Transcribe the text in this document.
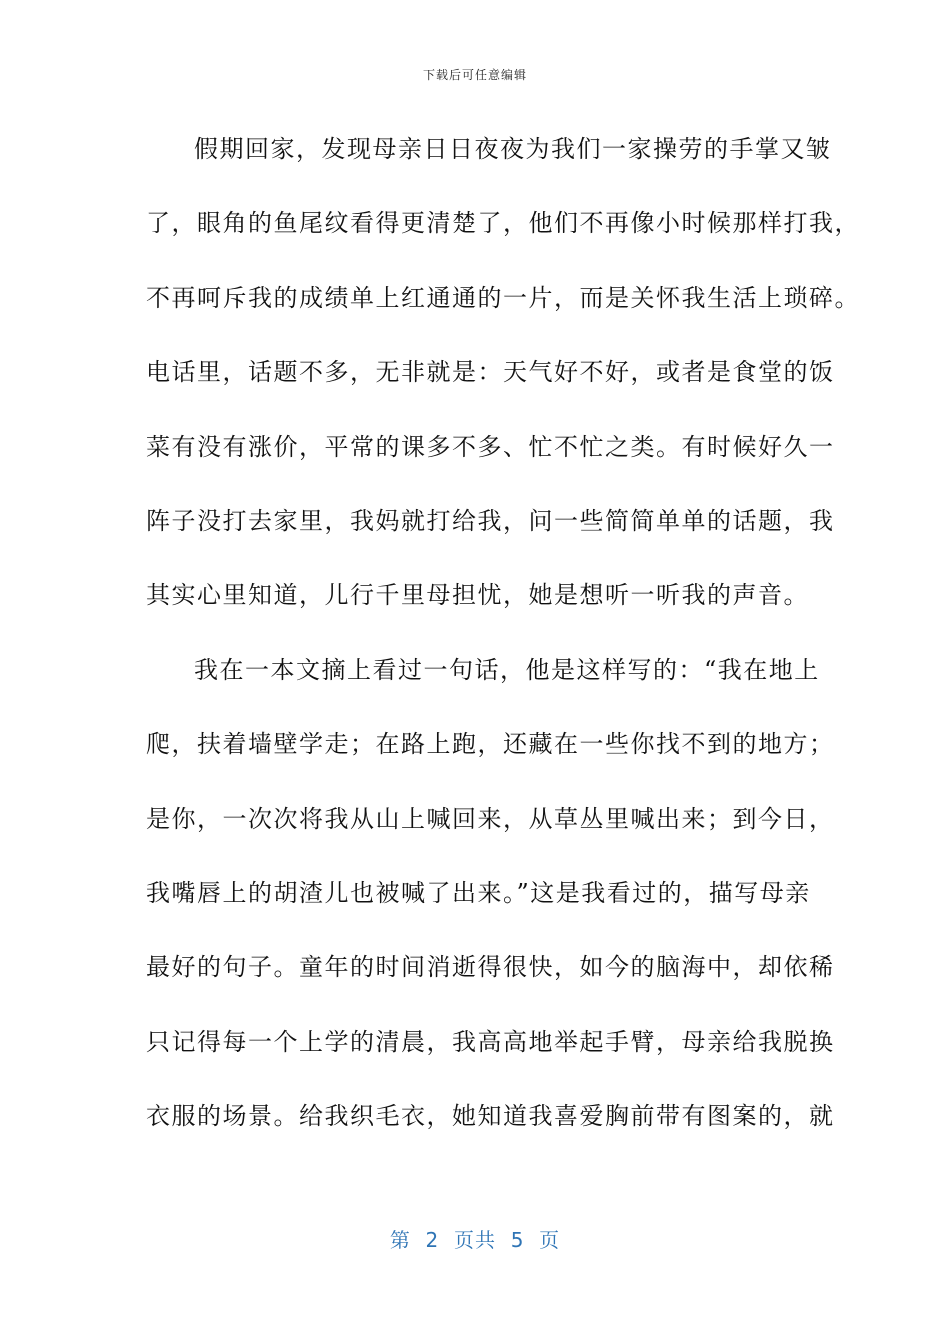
下载后可任意编辑
假期回家，发现母亲日日夜夜为我们一家操劳的手掌又皱
了，眼角的鱼尾纹看得更清楚了，他们不再像小时候那样打我，
不再呵斥我的成绩单上红通通的一片，而是关怀我生活上琐碎。
电话里，话题不多，无非就是：天气好不好，或者是食堂的饭
菜有没有涨价，平常的课多不多、忙不忙之类。有时候好久一
阵子没打去家里，我妈就打给我，问一些简简单单的话题，我
其实心里知道，儿行千里母担忧，她是想听一听我的声音。
我在一本文摘上看过一句话，他是这样写的：“我在地上
爬，扶着墙壁学走；在路上跑，还藏在一些你找不到的地方；
是你，一次次将我从山上喊回来，从草丛里喊出来；到今日，
我嘴唇上的胡渣儿也被喊了出来。”这是我看过的，描写母亲
最好的句子。童年的时间消逝得很快，如今的脑海中，却依稀
只记得每一个上学的清晨，我高高地举起手臂，母亲给我脱换
衣服的场景。给我织毛衣，她知道我喜爱胸前带有图案的，就
第  2  页共  5  页
